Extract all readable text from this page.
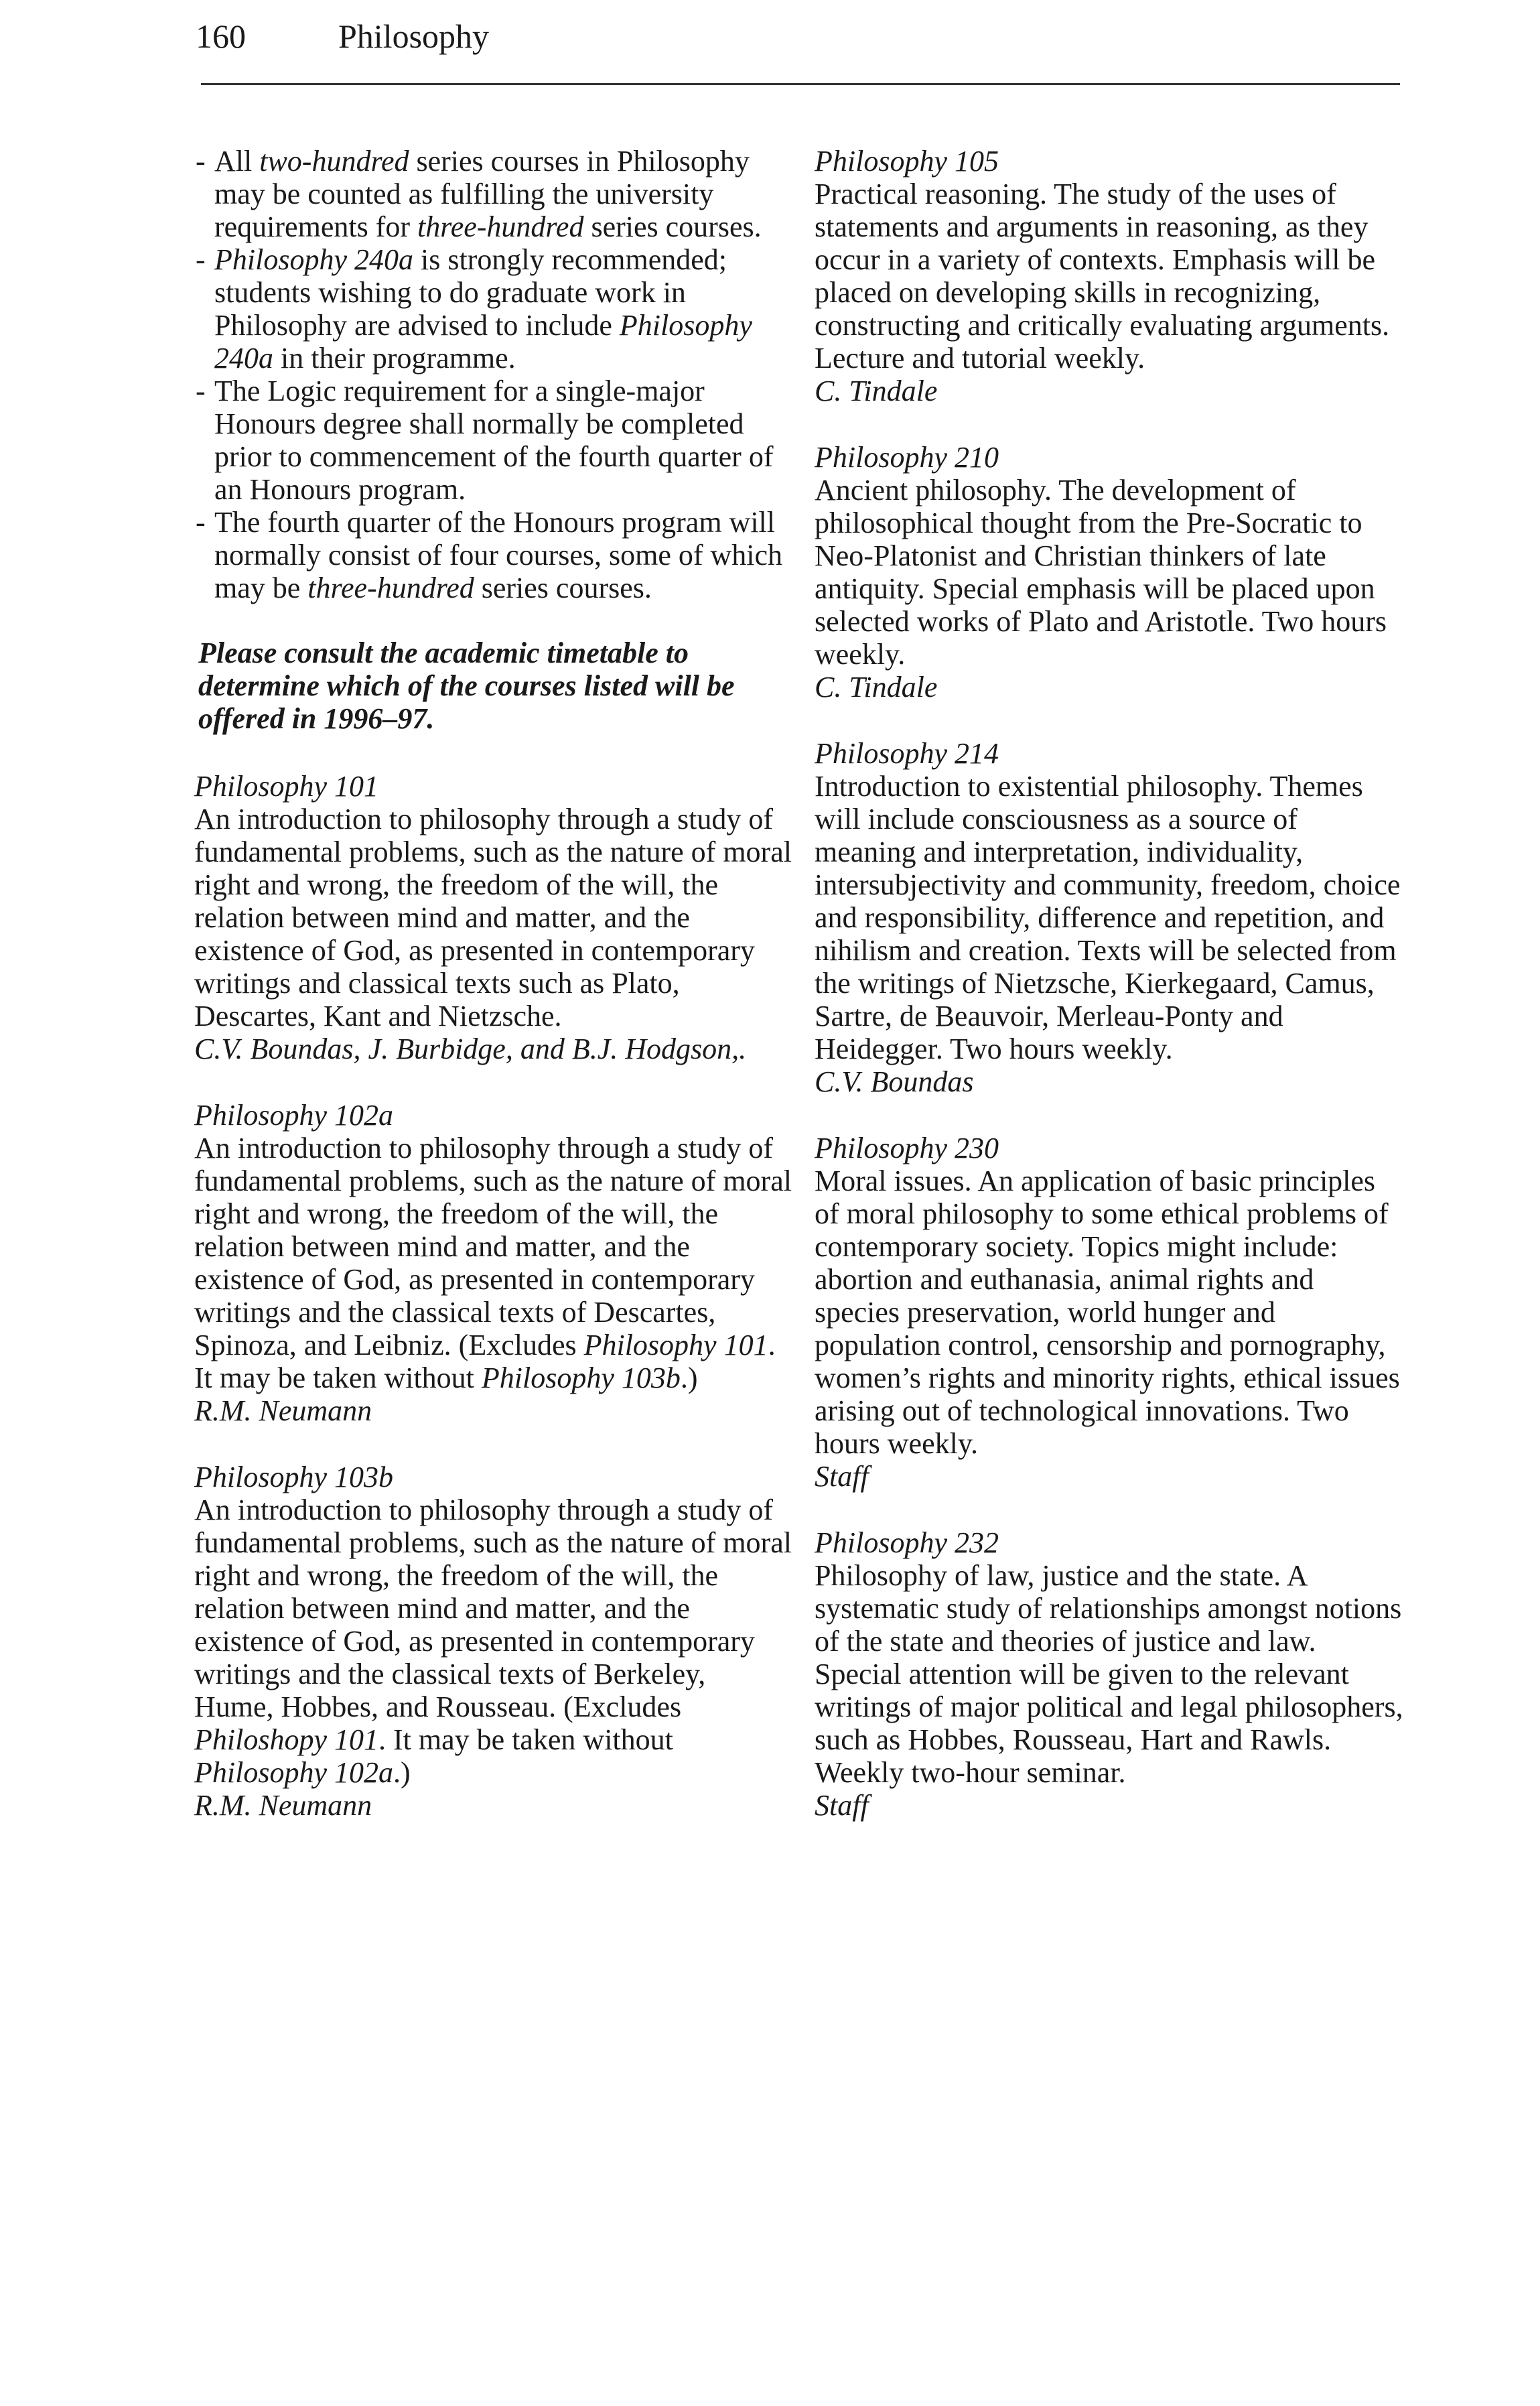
160	Philosophy
- All two-hundred series courses in Philosophy may be counted as fulfilling the university requirements for three-hundred series courses.
- Philosophy 240a is strongly recommended; students wishing to do graduate work in Philosophy are advised to include Philosophy 240a in their programme.
- The Logic requirement for a single-major Honours degree shall normally be completed prior to commencement of the fourth quarter of an Honours program.
- The fourth quarter of the Honours program will normally consist of four courses, some of which may be three-hundred series courses.

Please consult the academic timetable to determine which of the courses listed will be offered in 1996–97.

Philosophy 101

An introduction to philosophy through a study of fundamental problems, such as the nature of moral right and wrong, the freedom of the will, the relation between mind and matter, and the existence of God, as presented in contemporary writings and classical texts such as Plato, Descartes, Kant and Nietzsche.

C.V. Boundas, J. Burbidge, and B.J. Hodgson,.

Philosophy 102a

An introduction to philosophy through a study of fundamental problems, such as the nature of moral right and wrong, the freedom of the will, the relation between mind and matter, and the existence of God, as presented in contemporary writings and the classical texts of Descartes, Spinoza, and Leibniz. (Excludes Philosophy 101. It may be taken without Philosophy 103b.)

R.M. Neumann

Philosophy 103b

An introduction to philosophy through a study of fundamental problems, such as the nature of moral right and wrong, the freedom of the will, the relation between mind and matter, and the existence of God, as presented in contemporary writings and the classical texts of Berkeley, Hume, Hobbes, and Rousseau. (Excludes Philoshopy 101. It may be taken without Philosophy 102a.)

R.M. Neumann

Philosophy 105

Practical reasoning. The study of the uses of statements and arguments in reasoning, as they occur in a variety of contexts. Emphasis will be placed on developing skills in recognizing, constructing and critically evaluating arguments. Lecture and tutorial weekly.

C. Tindale

Philosophy 210

Ancient philosophy. The development of philosophical thought from the Pre-Socratic to Neo-Platonist and Christian thinkers of late antiquity. Special emphasis will be placed upon selected works of Plato and Aristotle. Two hours weekly.

C. Tindale

Philosophy 214

Introduction to existential philosophy. Themes will include consciousness as a source of meaning and interpretation, individuality, intersubjectivity and community, freedom, choice and responsibility, difference and repetition, and nihilism and creation. Texts will be selected from the writings of Nietzsche, Kierkegaard, Camus, Sartre, de Beauvoir, Merleau-Ponty and Heidegger. Two hours weekly.

C.V. Boundas

Philosophy 230

Moral issues. An application of basic principles of moral philosophy to some ethical problems of contemporary society. Topics might include: abortion and euthanasia, animal rights and species preservation, world hunger and population control, censorship and pornography, women’s rights and minority rights, ethical issues arising out of technological innovations. Two hours weekly.

Staff

Philosophy 232

Philosophy of law, justice and the state. A systematic study of relationships amongst notions of the state and theories of justice and law. Special attention will be given to the relevant writings of major political and legal philosophers, such as Hobbes, Rousseau, Hart and Rawls. Weekly two-hour seminar.

Staff
